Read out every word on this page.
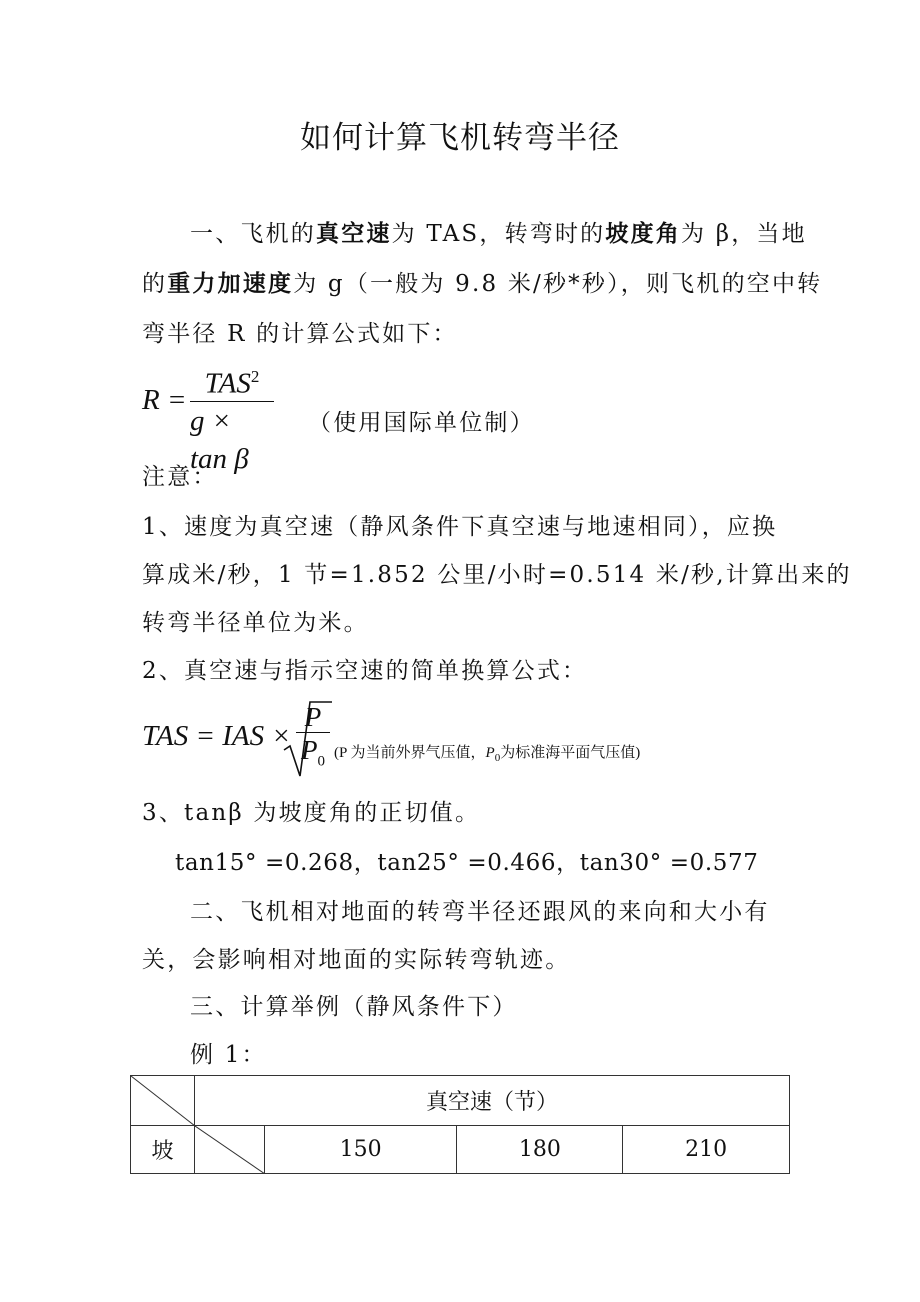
如何计算飞机转弯半径
一、飞机的真空速为 TAS，转弯时的坡度角为 β，当地
的重力加速度为 g（一般为 9.8 米/秒*秒），则飞机的空中转
弯半径 R 的计算公式如下：
R =
$TAS^2$
g × tan β
（使用国际单位制）
注意：
1、速度为真空速（静风条件下真空速与地速相同），应换
算成米/秒，1 节=1.852 公里/小时=0.514 米/秒,计算出来的
转弯半径单位为米。
2、真空速与指示空速的简单换算公式：
TAS = IAS ×
P
$P_0$
(P 为当前外界气压值，$P_0$为标准海平面气压值)
3、tanβ 为坡度角的正切值。
tan15° =0.268，tan25° =0.466，tan30° =0.577
二、飞机相对地面的转弯半径还跟风的来向和大小有
关，会影响相对地面的实际转弯轨迹。
三、计算举例（静风条件下）
例 1：
	真空速（节）			
坡		150	180	210
